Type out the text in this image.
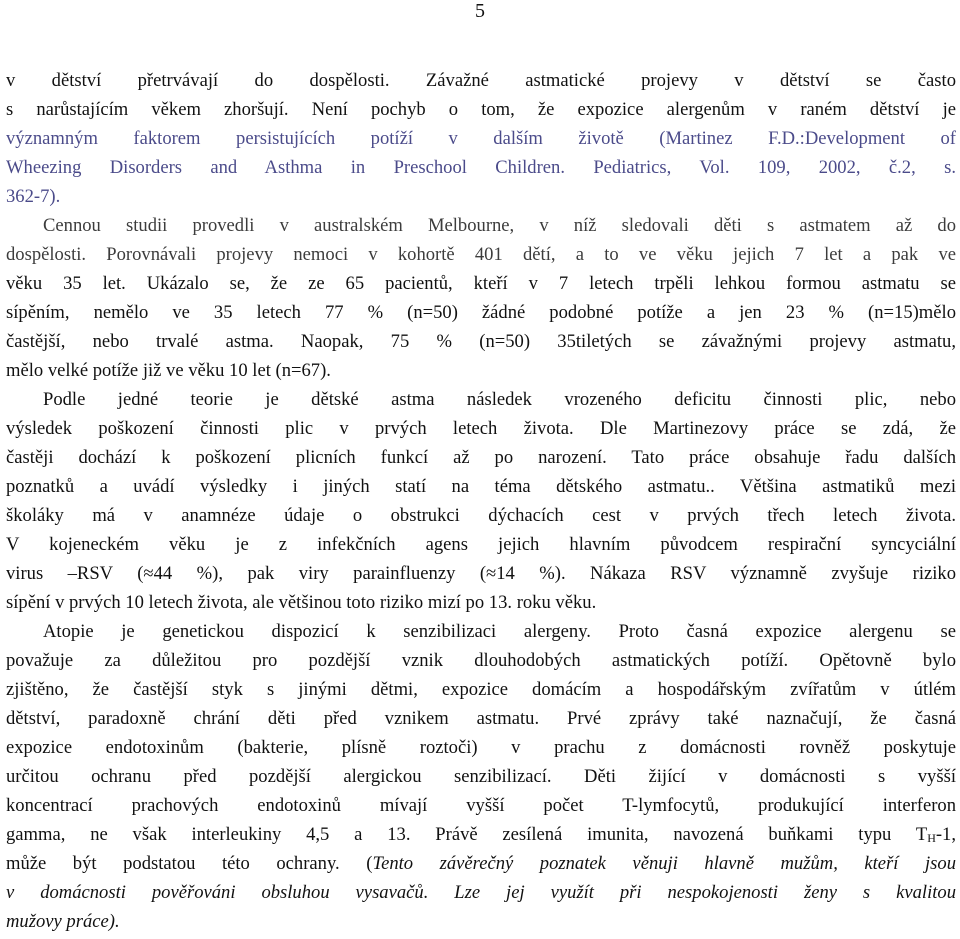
5
v dětství přetrvávají do dospělosti. Závažné astmatické projevy v dětství se často
s narůstajícím věkem zhoršují. Není pochyb o tom, že expozice alergenům v raném dětství je
významným faktorem persistujících potíží v dalším životě (Martinez F.D.:Development of
Wheezing Disorders and Asthma in Preschool Children. Pediatrics, Vol. 109, 2002, č.2, s.
362-7).
Cennou studii provedli v australském Melbourne, v níž sledovali děti s astmatem až do
dospělosti. Porovnávali projevy nemoci v kohortě 401 dětí, a to ve věku jejich 7 let a pak ve
věku 35 let. Ukázalo se, že ze 65 pacientů, kteří v 7 letech trpěli lehkou formou astmatu se
sípěním, nemělo ve 35 letech 77 % (n=50) žádné podobné potíže a jen 23 % (n=15)mělo
častější, nebo trvalé astma. Naopak, 75 % (n=50) 35tiletých se závažnými projevy astmatu,
mělo velké potíže již ve věku 10 let (n=67).
Podle jedné teorie je dětské astma následek vrozeného deficitu činnosti plic, nebo
výsledek poškození činnosti plic v prvých letech života. Dle Martinezovy práce se zdá, že
častěji dochází k poškození plicních funkcí až po narození. Tato práce obsahuje řadu dalších
poznatků a uvádí výsledky i jiných statí na téma dětského astmatu.. Většina astmatiků mezi
školáky má v anamnéze údaje o obstrukci dýchacích cest v prvých třech letech života.
V kojeneckém věku je z infekčních agens jejich hlavním původcem respirační syncyciální
virus –RSV (≈44 %), pak viry parainfluenzy (≈14 %). Nákaza RSV významně zvyšuje riziko
sípění v prvých 10 letech života, ale většinou toto riziko mizí po 13. roku věku.
Atopie je genetickou dispozicí k senzibilizaci alergeny. Proto časná expozice alergenu se
považuje za důležitou pro pozdější vznik dlouhodobých astmatických potíží. Opětovně bylo
zjištěno, že častější styk s jinými dětmi, expozice domácím a hospodářským zvířatům v útlém
dětství, paradoxně chrání děti před vznikem astmatu. Prvé zprávy také naznačují, že časná
expozice endotoxinům (bakterie, plísně roztoči) v prachu z domácnosti rovněž poskytuje
určitou ochranu před pozdější alergickou senzibilizací. Děti žijící v domácnosti s vyšší
koncentrací prachových endotoxinů mívají vyšší počet T-lymfocytů, produkující interferon
gamma, ne však interleukiny 4,5 a 13. Právě zesílená imunita, navozená buňkami typu $T_H-1$,
může být podstatou této ochrany. (Tento závěrečný poznatek věnuji hlavně mužům, kteří jsou
v domácnosti pověřováni obsluhou vysavačů. Lze jej využít při nespokojenosti ženy s kvalitou
mužovy práce).
